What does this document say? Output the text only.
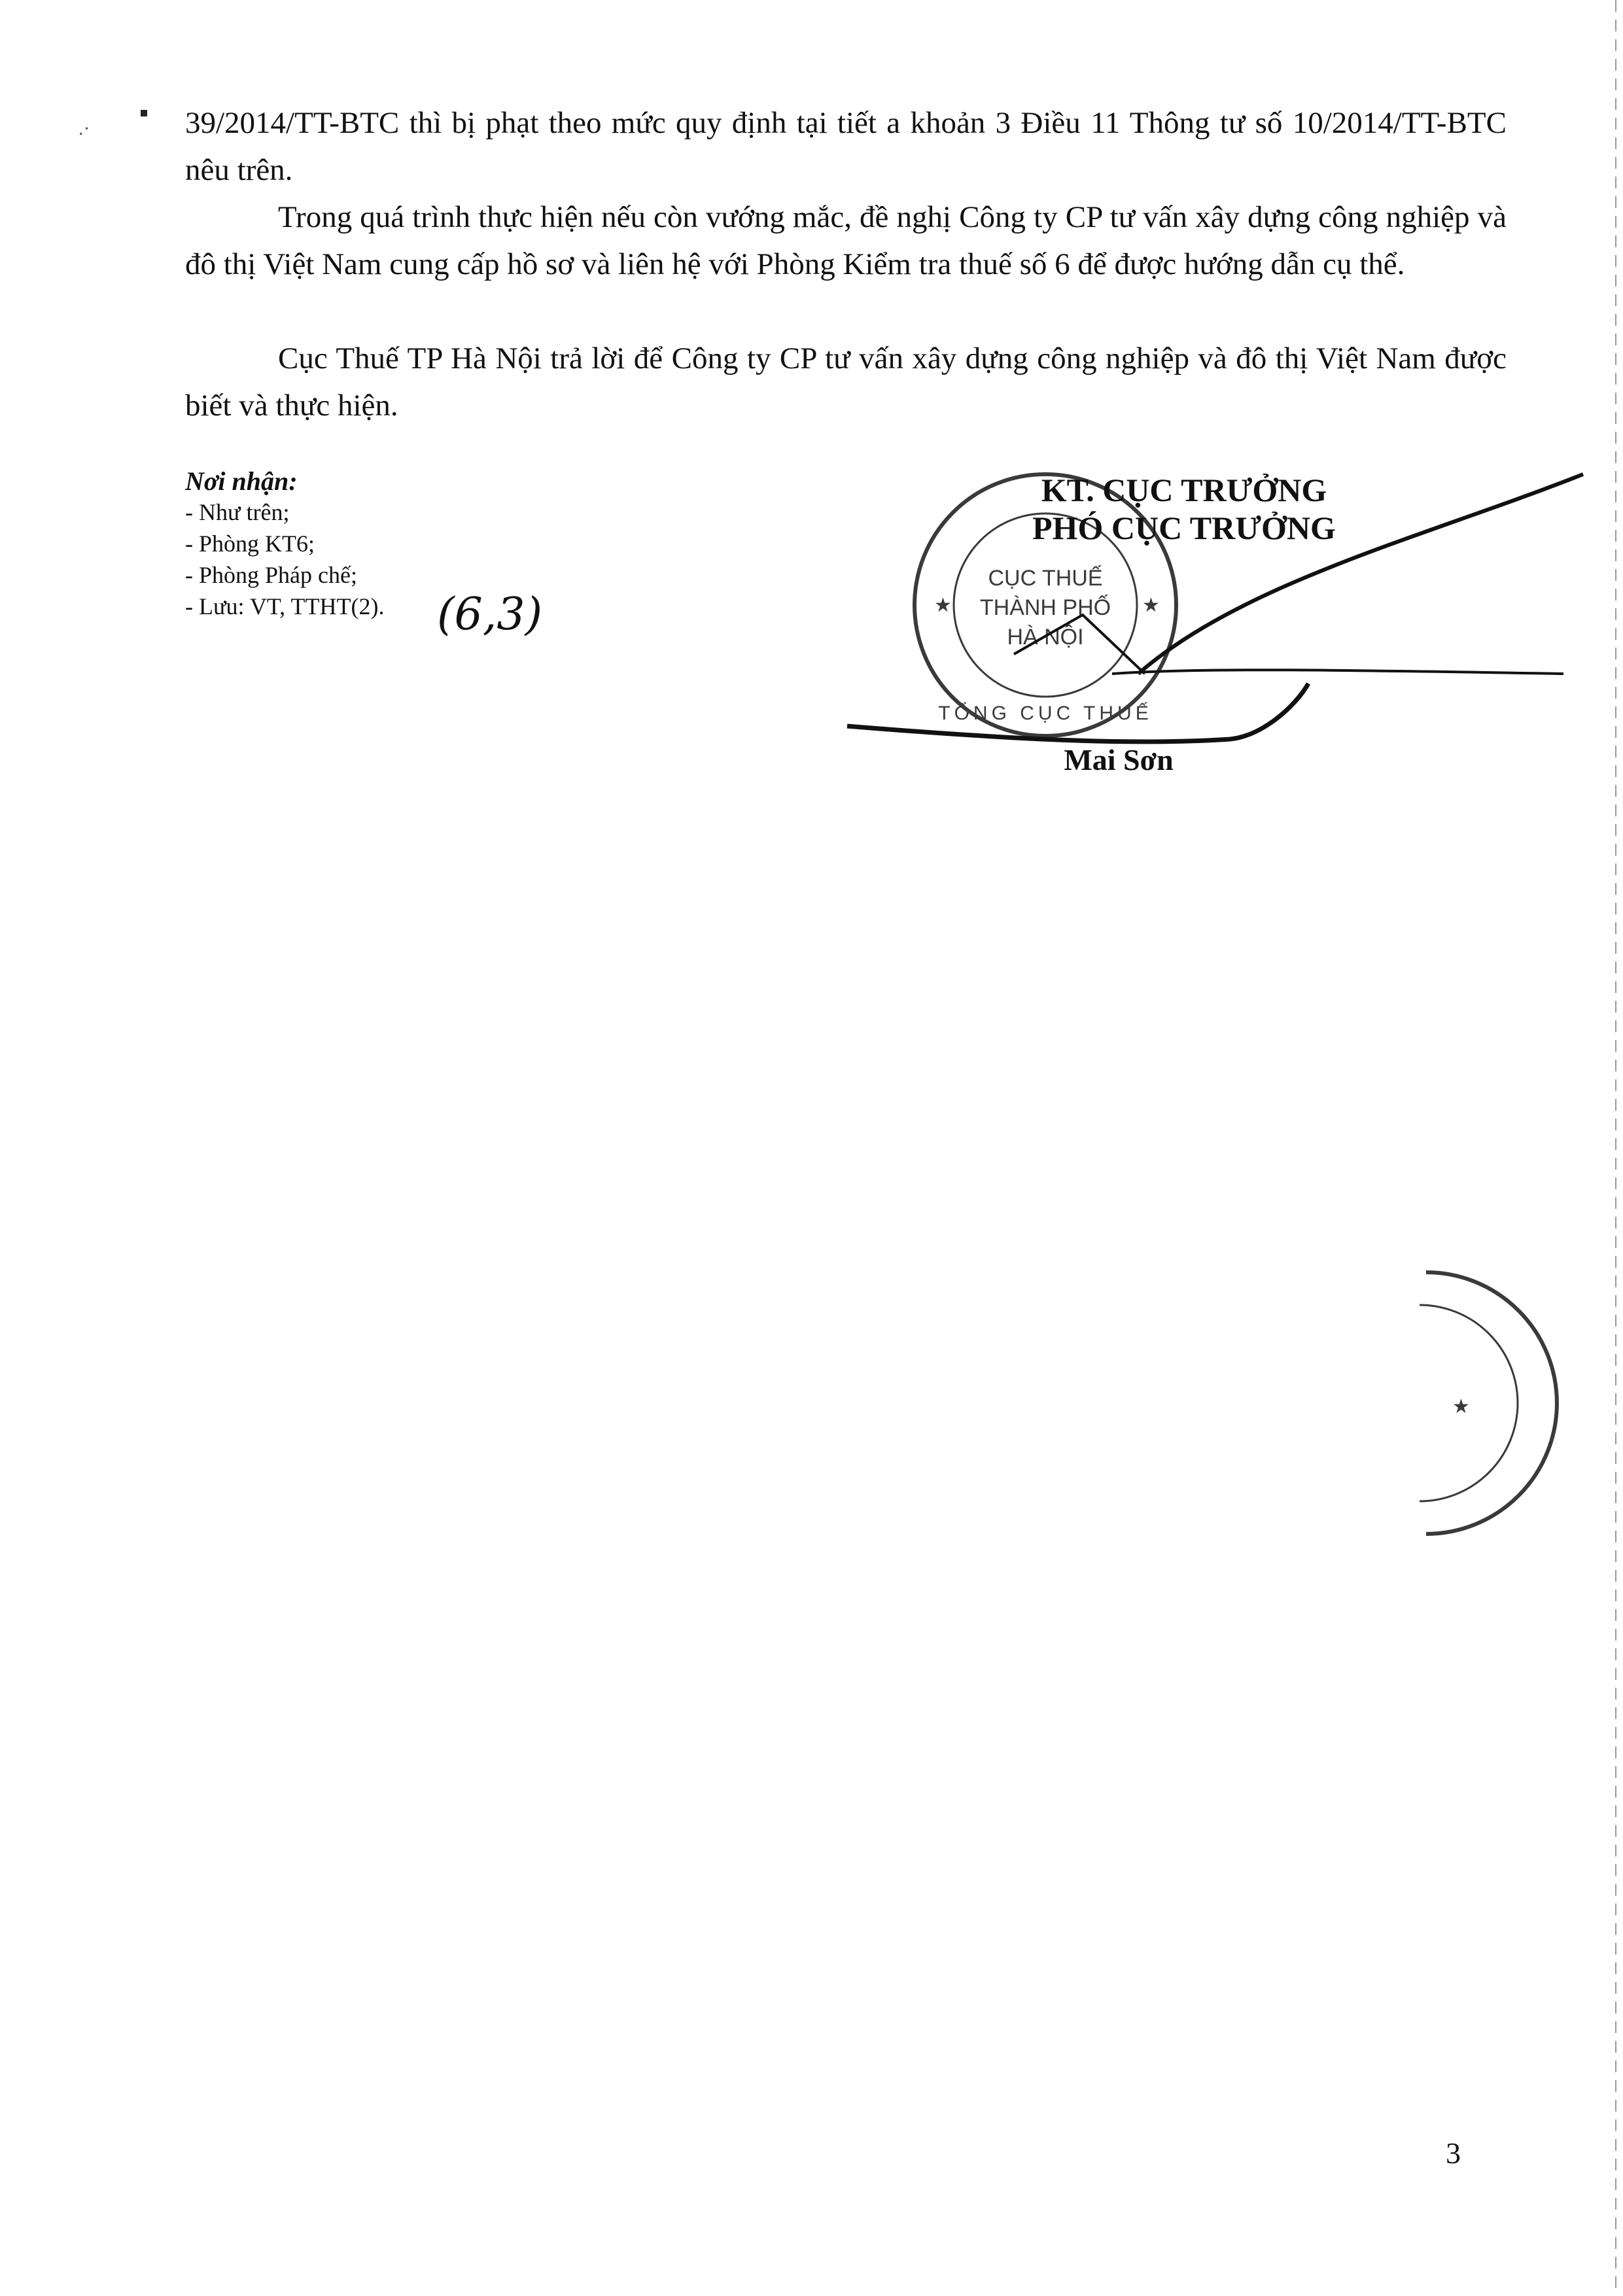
39/2014/TT-BTC thì bị phạt theo mức quy định tại tiết a khoản 3 Điều 11 Thông tư số 10/2014/TT-BTC nêu trên.
Trong quá trình thực hiện nếu còn vướng mắc, đề nghị Công ty CP tư vấn xây dựng công nghiệp và đô thị Việt Nam cung cấp hồ sơ và liên hệ với Phòng Kiểm tra thuế số 6 để được hướng dẫn cụ thể.
Cục Thuế TP Hà Nội trả lời để Công ty CP tư vấn xây dựng công nghiệp và đô thị Việt Nam được biết và thực hiện.
.·
Nơi nhận:
- Như trên;
- Phòng KT6;
- Phòng Pháp chế;
- Lưu: VT, TTHT(2). (6,3)
CỤC THUẾ
THÀNH PHỐ
HÀ NỘI
★	★
TỔNG CỤC THUẾ
KT. CỤC TRƯỞNG
PHÓ CỤC TRƯỞNG
Mai Sơn
★
3
